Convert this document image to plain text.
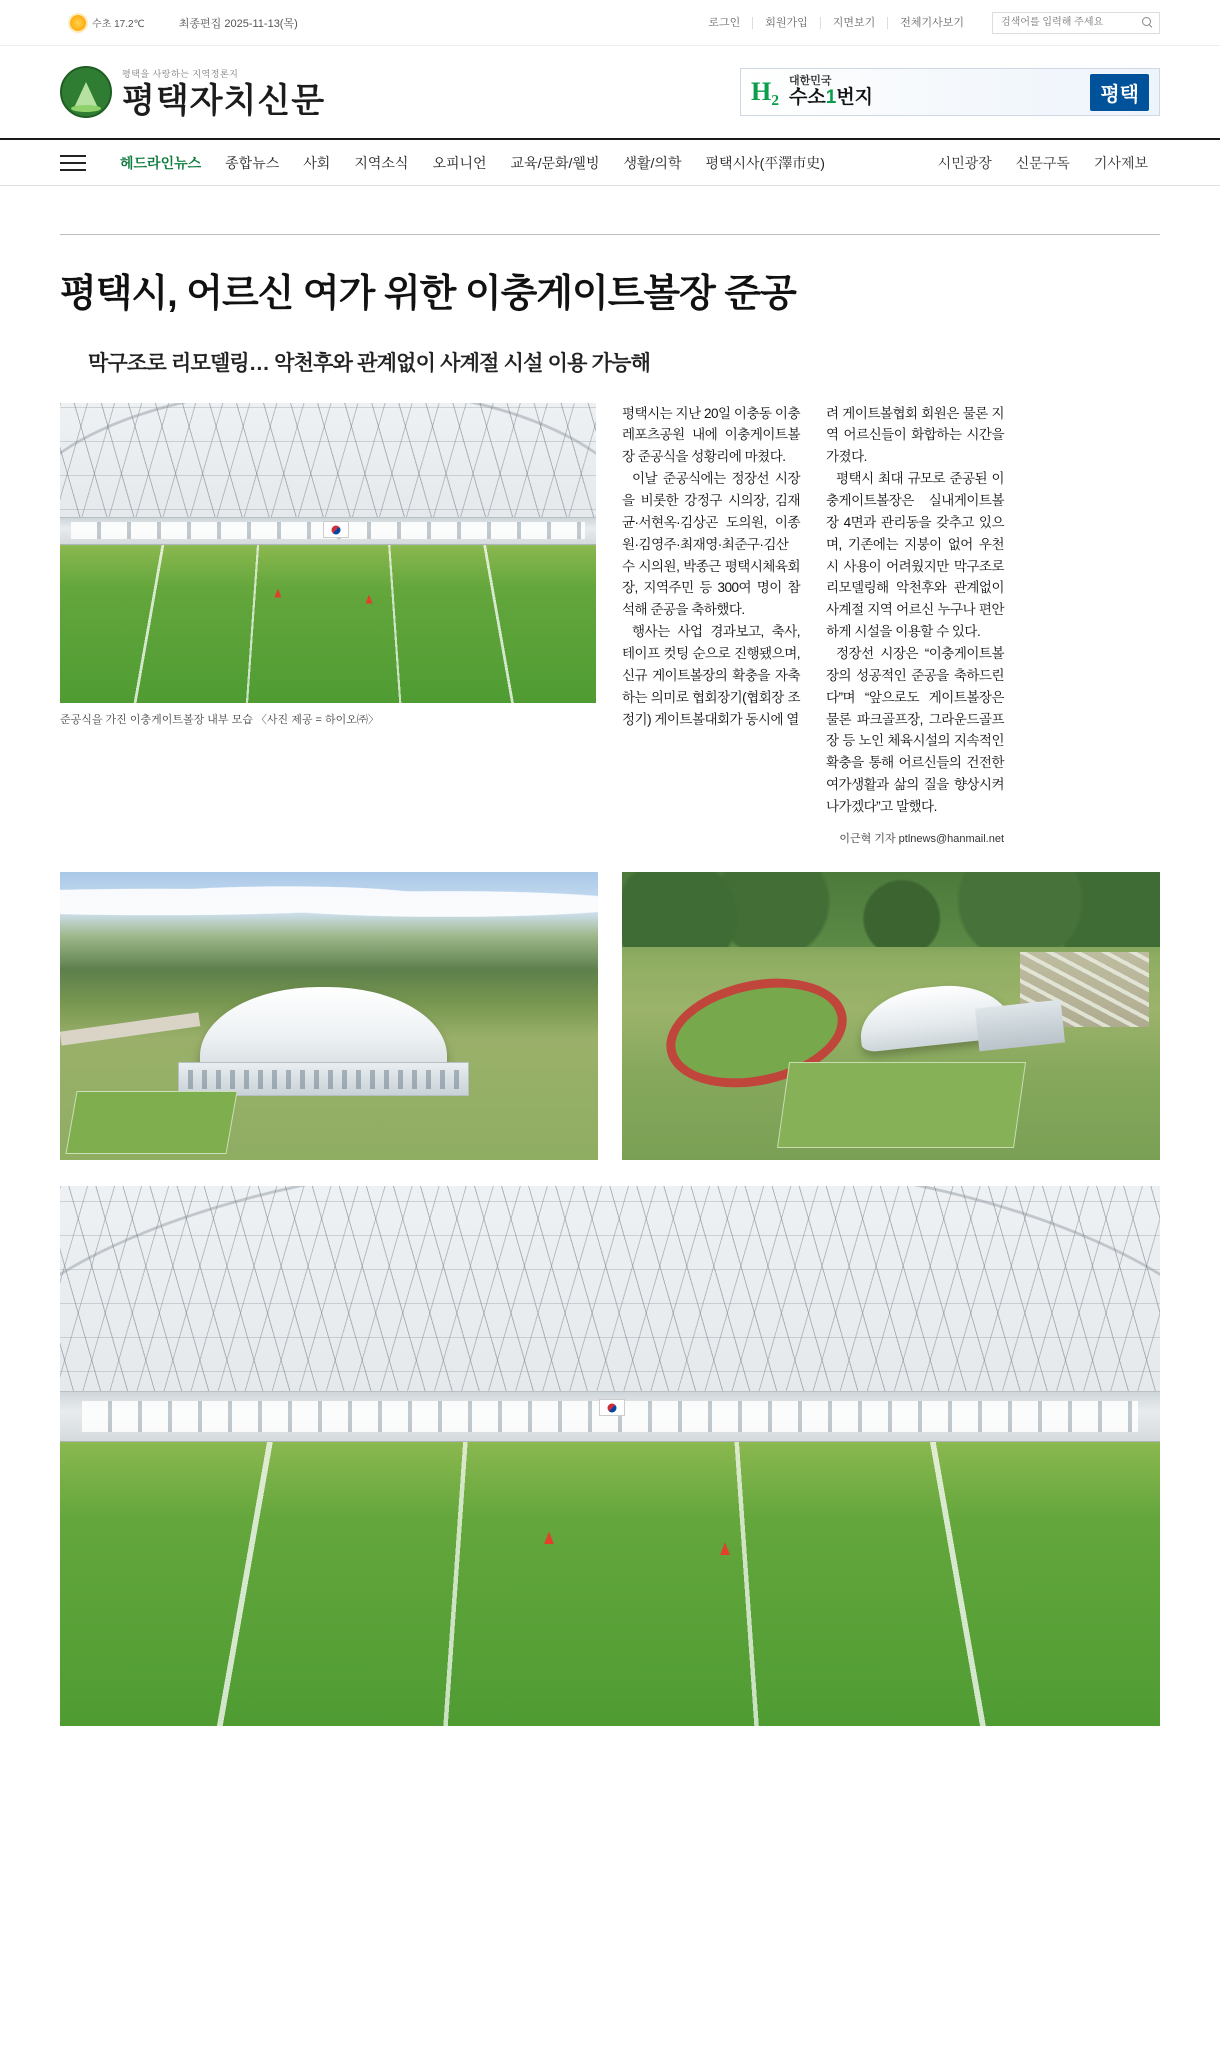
수초 17.2℃	최종편집 2025-11-13(목)	로그인	회원가입	지면보기	전체기사보기
검색어를 입력해 주세요
평택을 사랑하는 지역정론지
평택자치신문	H₂ 대한민국
수소1번지	평택
헤드라인뉴스	종합뉴스	사회	지역소식	오피니언	교육/문화/웰빙	생활/의학	평택시사(平澤市史)	시민광장	신문구독	기사제보
평택시, 어르신 여가 위한 이충게이트볼장 준공
막구조로 리모델링… 악천후와 관계없이 사계절 시설 이용 가능해
준공식을 가진 이충게이트볼장 내부 모습 〈사진 제공 = 하이오㈜〉

평택시는 지난 20일 이충동 이충레포츠공원 내에 이충게이트볼장 준공식을 성황리에 마쳤다.

이날 준공식에는 정장선 시장을 비롯한 강정구 시의장, 김재균·서현옥·김상곤 도의원, 이종원·김영주·최재영·최준구·김산수 시의원, 박종근 평택시체육회장, 지역주민 등 300여 명이 참석해 준공을 축하했다.

행사는 사업 경과보고, 축사, 테이프 컷팅 순으로 진행됐으며, 신규 게이트볼장의 확충을 자축하는 의미로 협회장기(협회장 조정기) 게이트볼대회가 동시에 열

려 게이트볼협회 회원은 물론 지역 어르신들이 화합하는 시간을 가졌다.

평택시 최대 규모로 준공된 이충게이트볼장은 실내게이트볼장 4면과 관리동을 갖추고 있으며, 기존에는 지붕이 없어 우천 시 사용이 어려웠지만 막구조로 리모델링해 악천후와 관계없이 사계절 지역 어르신 누구나 편안하게 시설을 이용할 수 있다.

정장선 시장은 “이충게이트볼장의 성공적인 준공을 축하드린다”며 “앞으로도 게이트볼장은 물론 파크골프장, 그라운드골프장 등 노인 체육시설의 지속적인 확충을 통해 어르신들의 건전한 여가생활과 삶의 질을 향상시켜 나가겠다”고 말했다.

이근혁 기자 ptlnews@hanmail.net
